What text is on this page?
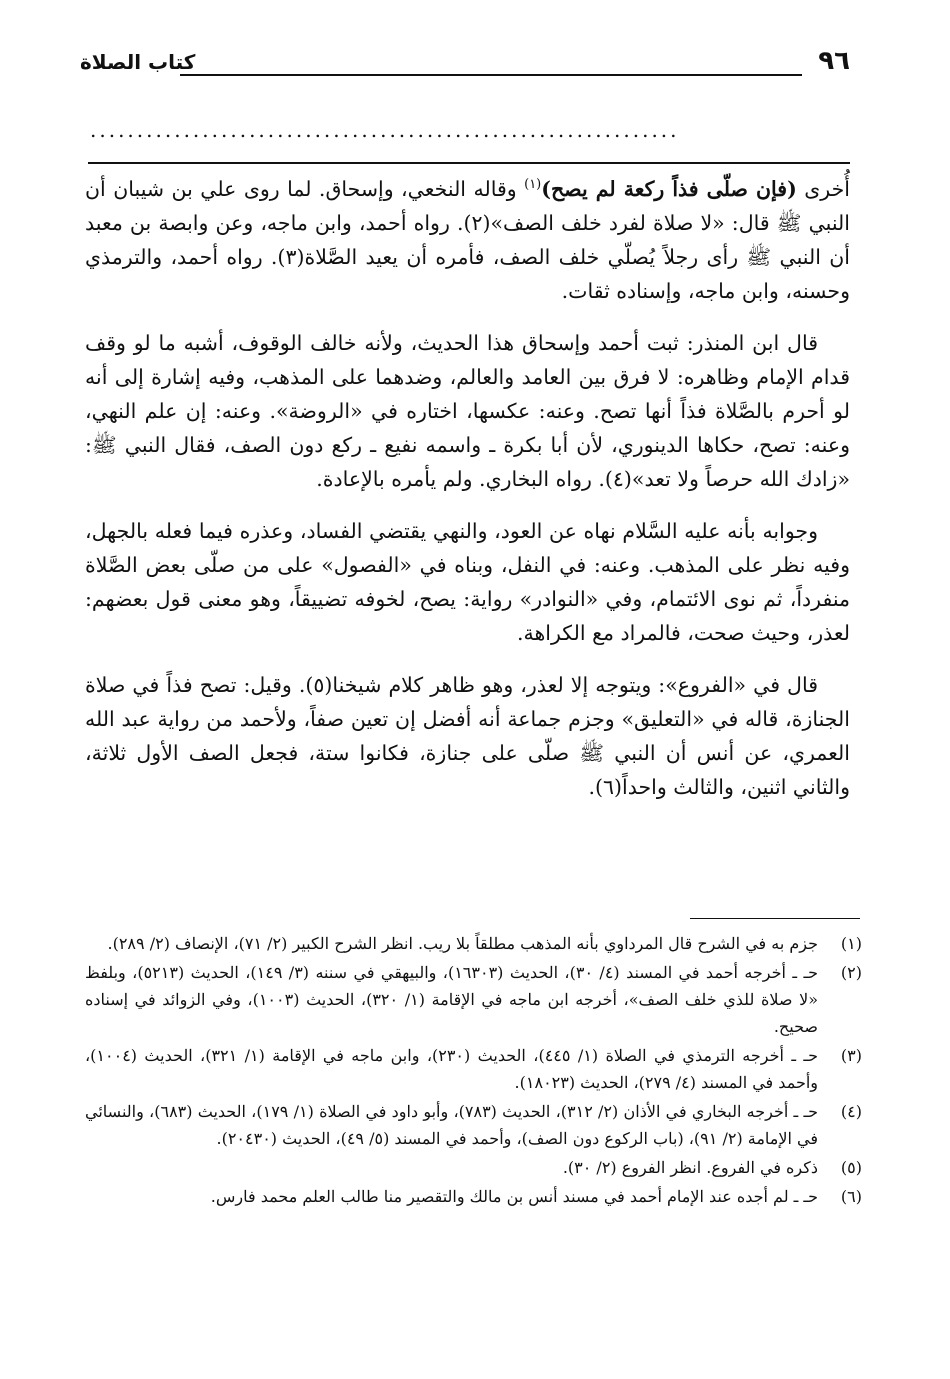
٩٦
كتاب الصلاة
...............................................................

أُخرى (فإن صلّى فذاً ركعة لم يصح)$^{(١)}$ وقاله النخعي، وإسحاق. لما روى علي بن شيبان أن النبي ﷺ قال: «لا صلاة لفرد خلف الصف»(٢). رواه أحمد، وابن ماجه، وعن وابصة بن معبد أن النبي ﷺ رأى رجلاً يُصلّي خلف الصف، فأمره أن يعيد الصَّلاة(٣). رواه أحمد، والترمذي وحسنه، وابن ماجه، وإسناده ثقات.

قال ابن المنذر: ثبت أحمد وإسحاق هذا الحديث، ولأنه خالف الوقوف، أشبه ما لو وقف قدام الإمام وظاهره: لا فرق بين العامد والعالم، وضدهما على المذهب، وفيه إشارة إلى أنه لو أحرم بالصَّلاة فذاً أنها تصح. وعنه: عكسها، اختاره في «الروضة». وعنه: إن علم النهي، وعنه: تصح، حكاها الدينوري، لأن أبا بكرة ـ واسمه نفيع ـ ركع دون الصف، فقال النبي ﷺ: «زادك الله حرصاً ولا تعد»(٤). رواه البخاري. ولم يأمره بالإعادة.

وجوابه بأنه عليه السَّلام نهاه عن العود، والنهي يقتضي الفساد، وعذره فيما فعله بالجهل، وفيه نظر على المذهب. وعنه: في النفل، وبناه في «الفصول» على من صلّى بعض الصَّلاة منفرداً، ثم نوى الائتمام، وفي «النوادر» رواية: يصح، لخوفه تضييقاً، وهو معنى قول بعضهم: لعذر، وحيث صحت، فالمراد مع الكراهة.

قال في «الفروع»: ويتوجه إلا لعذر، وهو ظاهر كلام شيخنا(٥). وقيل: تصح فذاً في صلاة الجنازة، قاله في «التعليق» وجزم جماعة أنه أفضل إن تعين صفاً، ولأحمد من رواية عبد الله العمري، عن أنس أن النبي ﷺ صلّى على جنازة، فكانوا ستة، فجعل الصف الأول ثلاثة، والثاني اثنين، والثالث واحداً(٦).

(١)
جزم به في الشرح قال المرداوي بأنه المذهب مطلقاً بلا ريب. انظر الشرح الكبير (٢/ ٧١)، الإنصاف (٢/ ٢٨٩).
(٢)
حـ ـ أخرجه أحمد في المسند (٤/ ٣٠)، الحديث (١٦٣٠٣)، والبيهقي في سننه (٣/ ١٤٩)، الحديث (٥٢١٣)، وبلفظ «لا صلاة للذي خلف الصف»، أخرجه ابن ماجه في الإقامة (١/ ٣٢٠)، الحديث (١٠٠٣)، وفي الزوائد في إسناده صحيح.
(٣)
حـ ـ أخرجه الترمذي في الصلاة (١/ ٤٤٥)، الحديث (٢٣٠)، وابن ماجه في الإقامة (١/ ٣٢١)، الحديث (١٠٠٤)، وأحمد في المسند (٤/ ٢٧٩)، الحديث (١٨٠٢٣).
(٤)
حـ ـ أخرجه البخاري في الأذان (٢/ ٣١٢)، الحديث (٧٨٣)، وأبو داود في الصلاة (١/ ١٧٩)، الحديث (٦٨٣)، والنسائي في الإمامة (٢/ ٩١)، (باب الركوع دون الصف)، وأحمد في المسند (٥/ ٤٩)، الحديث (٢٠٤٣٠).
(٥)
ذكره في الفروع. انظر الفروع (٢/ ٣٠).
(٦)
حـ ـ لم أجده عند الإمام أحمد في مسند أنس بن مالك والتقصير منا طالب العلم محمد فارس.
